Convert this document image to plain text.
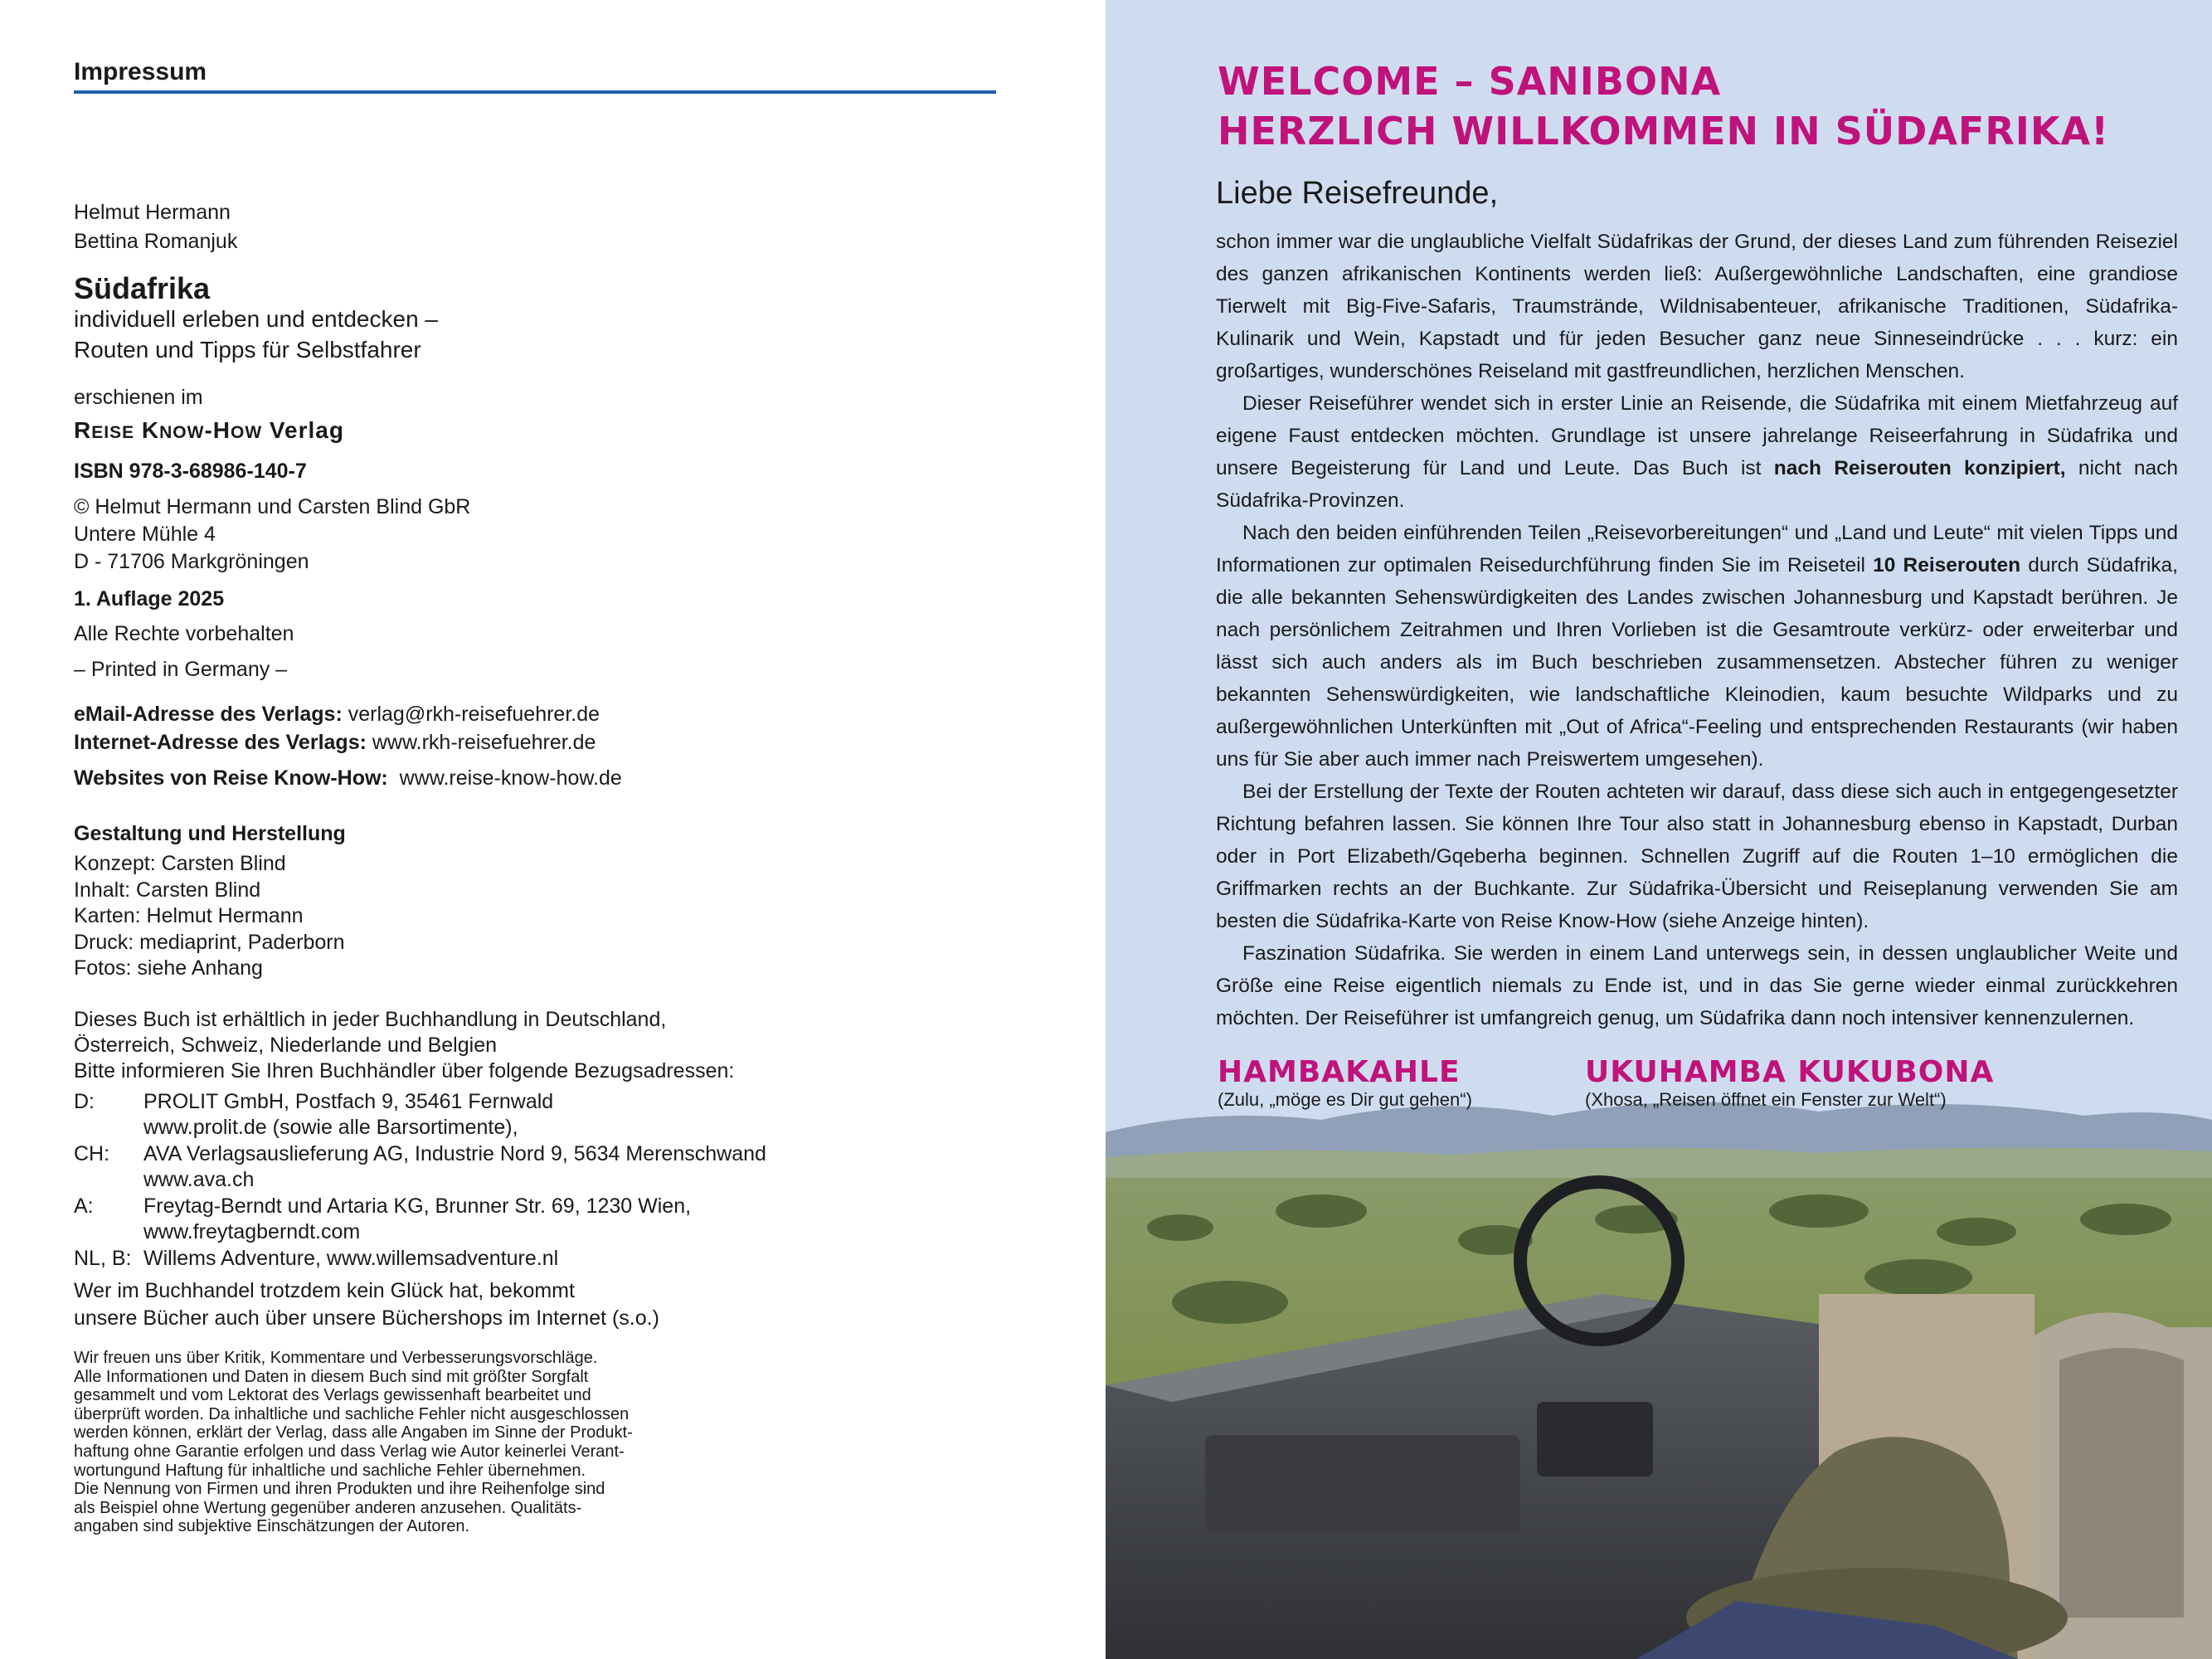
Impressum
Helmut Hermann
Bettina Romanjuk
Südafrika
individuell erleben und entdecken –
Routen und Tipps für Selbstfahrer
erschienen im
REISE KNOW-HOW Verlag
ISBN 978-3-68986-140-7
© Helmut Hermann und Carsten Blind GbR
Untere Mühle 4
D - 71706 Markgröningen
1. Auflage 2025
Alle Rechte vorbehalten
– Printed in Germany –
eMail-Adresse des Verlags: verlag@rkh-reisefuehrer.de
Internet-Adresse des Verlags: www.rkh-reisefuehrer.de
Websites von Reise Know-How:  www.reise-know-how.de
Gestaltung und Herstellung
Konzept: Carsten Blind
Inhalt: Carsten Blind
Karten: Helmut Hermann
Druck: mediaprint, Paderborn
Fotos: siehe Anhang
Dieses Buch ist erhältlich in jeder Buchhandlung in Deutschland,
Österreich, Schweiz, Niederlande und Belgien
Bitte informieren Sie Ihren Buchhändler über folgende Bezugsadressen:
D: PROLIT GmbH, Postfach 9, 35461 Fernwald
www.prolit.de (sowie alle Barsortimente),
CH: AVA Verlagsauslieferung AG, Industrie Nord 9, 5634 Merenschwand
www.ava.ch
A: Freytag-Berndt und Artaria KG, Brunner Str. 69, 1230 Wien,
www.freytagberndt.com
NL, B: Willems Adventure, www.willemsadventure.nl
Wer im Buchhandel trotzdem kein Glück hat, bekommt
unsere Bücher auch über unsere Büchershops im Internet (s.o.)
Wir freuen uns über Kritik, Kommentare und Verbesserungsvorschläge.
Alle Informationen und Daten in diesem Buch sind mit größter Sorgfalt
gesammelt und vom Lektorat des Verlags gewissenhaft bearbeitet und
überprüft worden. Da inhaltliche und sachliche Fehler nicht ausgeschlossen
werden können, erklärt der Verlag, dass alle Angaben im Sinne der Produkt-
haftung ohne Garantie erfolgen und dass Verlag wie Autor keinerlei Verant-
wortungund Haftung für inhaltliche und sachliche Fehler übernehmen.
Die Nennung von Firmen und ihren Produkten und ihre Reihenfolge sind
als Beispiel ohne Wertung gegenüber anderen anzusehen. Qualitäts-
angaben sind subjektive Einschätzungen der Autoren.
WELCOME – SANIBONA
HERZLICH WILLKOMMEN IN SÜDAFRIKA!
Liebe Reisefreunde,

schon immer war die unglaubliche Vielfalt Südafrikas der Grund, der dieses Land zum führenden Reiseziel des ganzen afrikanischen Kontinents werden ließ: Außergewöhnliche Landschaften, eine grandiose Tierwelt mit Big-Five-Safaris, Traumstrände, Wildnisabenteuer, afrikanische Traditionen, Südafrika-Kulinarik und Wein, Kapstadt und für jeden Besucher ganz neue Sinneseindrücke . . . kurz: ein großartiges, wunderschönes Reiseland mit gastfreundlichen, herzlichen Menschen.

Dieser Reiseführer wendet sich in erster Linie an Reisende, die Südafrika mit einem Mietfahrzeug auf eigene Faust entdecken möchten. Grundlage ist unsere jahrelange Reiseerfahrung in Südafrika und unsere Begeisterung für Land und Leute. Das Buch ist nach Reiserouten konzipiert, nicht nach Südafrika-Provinzen.

Nach den beiden einführenden Teilen „Reisevorbereitungen“ und „Land und Leute“ mit vielen Tipps und Informationen zur optimalen Reisedurchführung finden Sie im Reiseteil 10 Reiserouten durch Südafrika, die alle bekannten Sehenswürdigkeiten des Landes zwischen Johannesburg und Kapstadt berühren. Je nach persönlichem Zeitrahmen und Ihren Vorlieben ist die Gesamtroute verkürz- oder erweiterbar und lässt sich auch anders als im Buch beschrieben zusammensetzen. Abstecher führen zu weniger bekannten Sehenswürdigkeiten, wie landschaftliche Kleinodien, kaum besuchte Wildparks und zu außergewöhnlichen Unterkünften mit „Out of Africa“-Feeling und entsprechenden Restaurants (wir haben uns für Sie aber auch immer nach Preiswertem umgesehen).

Bei der Erstellung der Texte der Routen achteten wir darauf, dass diese sich auch in entgegengesetzter Richtung befahren lassen. Sie können Ihre Tour also statt in Johannesburg ebenso in Kapstadt, Durban oder in Port Elizabeth/Gqeberha beginnen. Schnellen Zugriff auf die Routen 1–10 ermöglichen die Griffmarken rechts an der Buchkante. Zur Südafrika-Übersicht und Reiseplanung verwenden Sie am besten die Südafrika-Karte von Reise Know-How (siehe Anzeige hinten).

Faszination Südafrika. Sie werden in einem Land unterwegs sein, in dessen unglaublicher Weite und Größe eine Reise eigentlich niemals zu Ende ist, und in das Sie gerne wieder einmal zurückkehren möchten. Der Reiseführer ist umfangreich genug, um Südafrika dann noch intensiver kennenzulernen.

HAMBAKAHLE
(Zulu, „möge es Dir gut gehen“)
UKUHAMBA KUKUBONA
(Xhosa, „Reisen öffnet ein Fenster zur Welt“)
